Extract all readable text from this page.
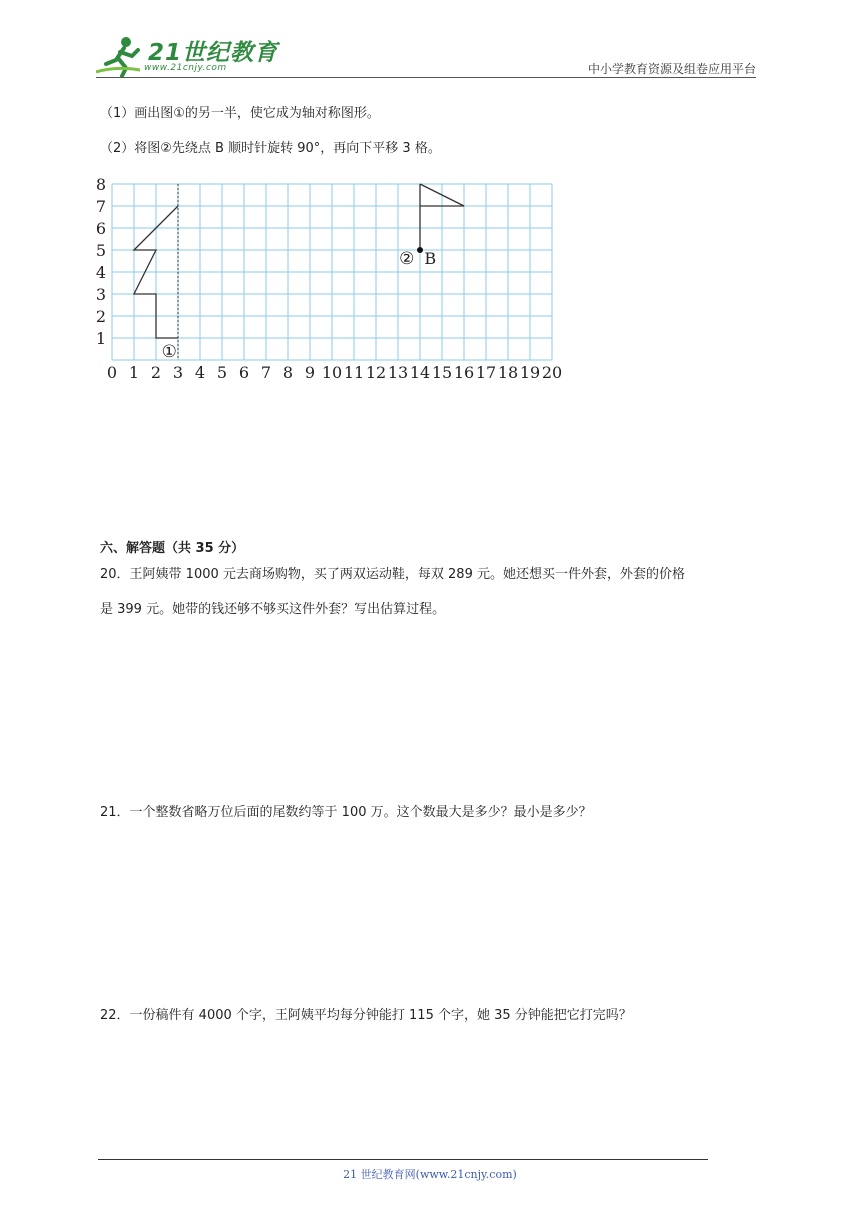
21世纪教育
www.21cnjy.com	中小学教育资源及组卷应用平台
（1）画出图①的另一半，使它成为轴对称图形。
（2）将图②先绕点 B 顺时针旋转 90°，再向下平移 3 格。
0 1 2 3 4 5 6 7 8 9 10 11 12 13 14 15 16 17 18 19 20
1
2
3
4
5
6
7
8
①
② B
六、解答题（共 35 分）
20．王阿姨带 1000 元去商场购物，买了两双运动鞋，每双 289 元。她还想买一件外套，外套的价格
是 399 元。她带的钱还够不够买这件外套？写出估算过程。
21．一个整数省略万位后面的尾数约等于 100 万。这个数最大是多少？最小是多少？
22．一份稿件有 4000 个字，王阿姨平均每分钟能打 115 个字，她 35 分钟能把它打完吗？
21 世纪教育网(www.21cnjy.com)
